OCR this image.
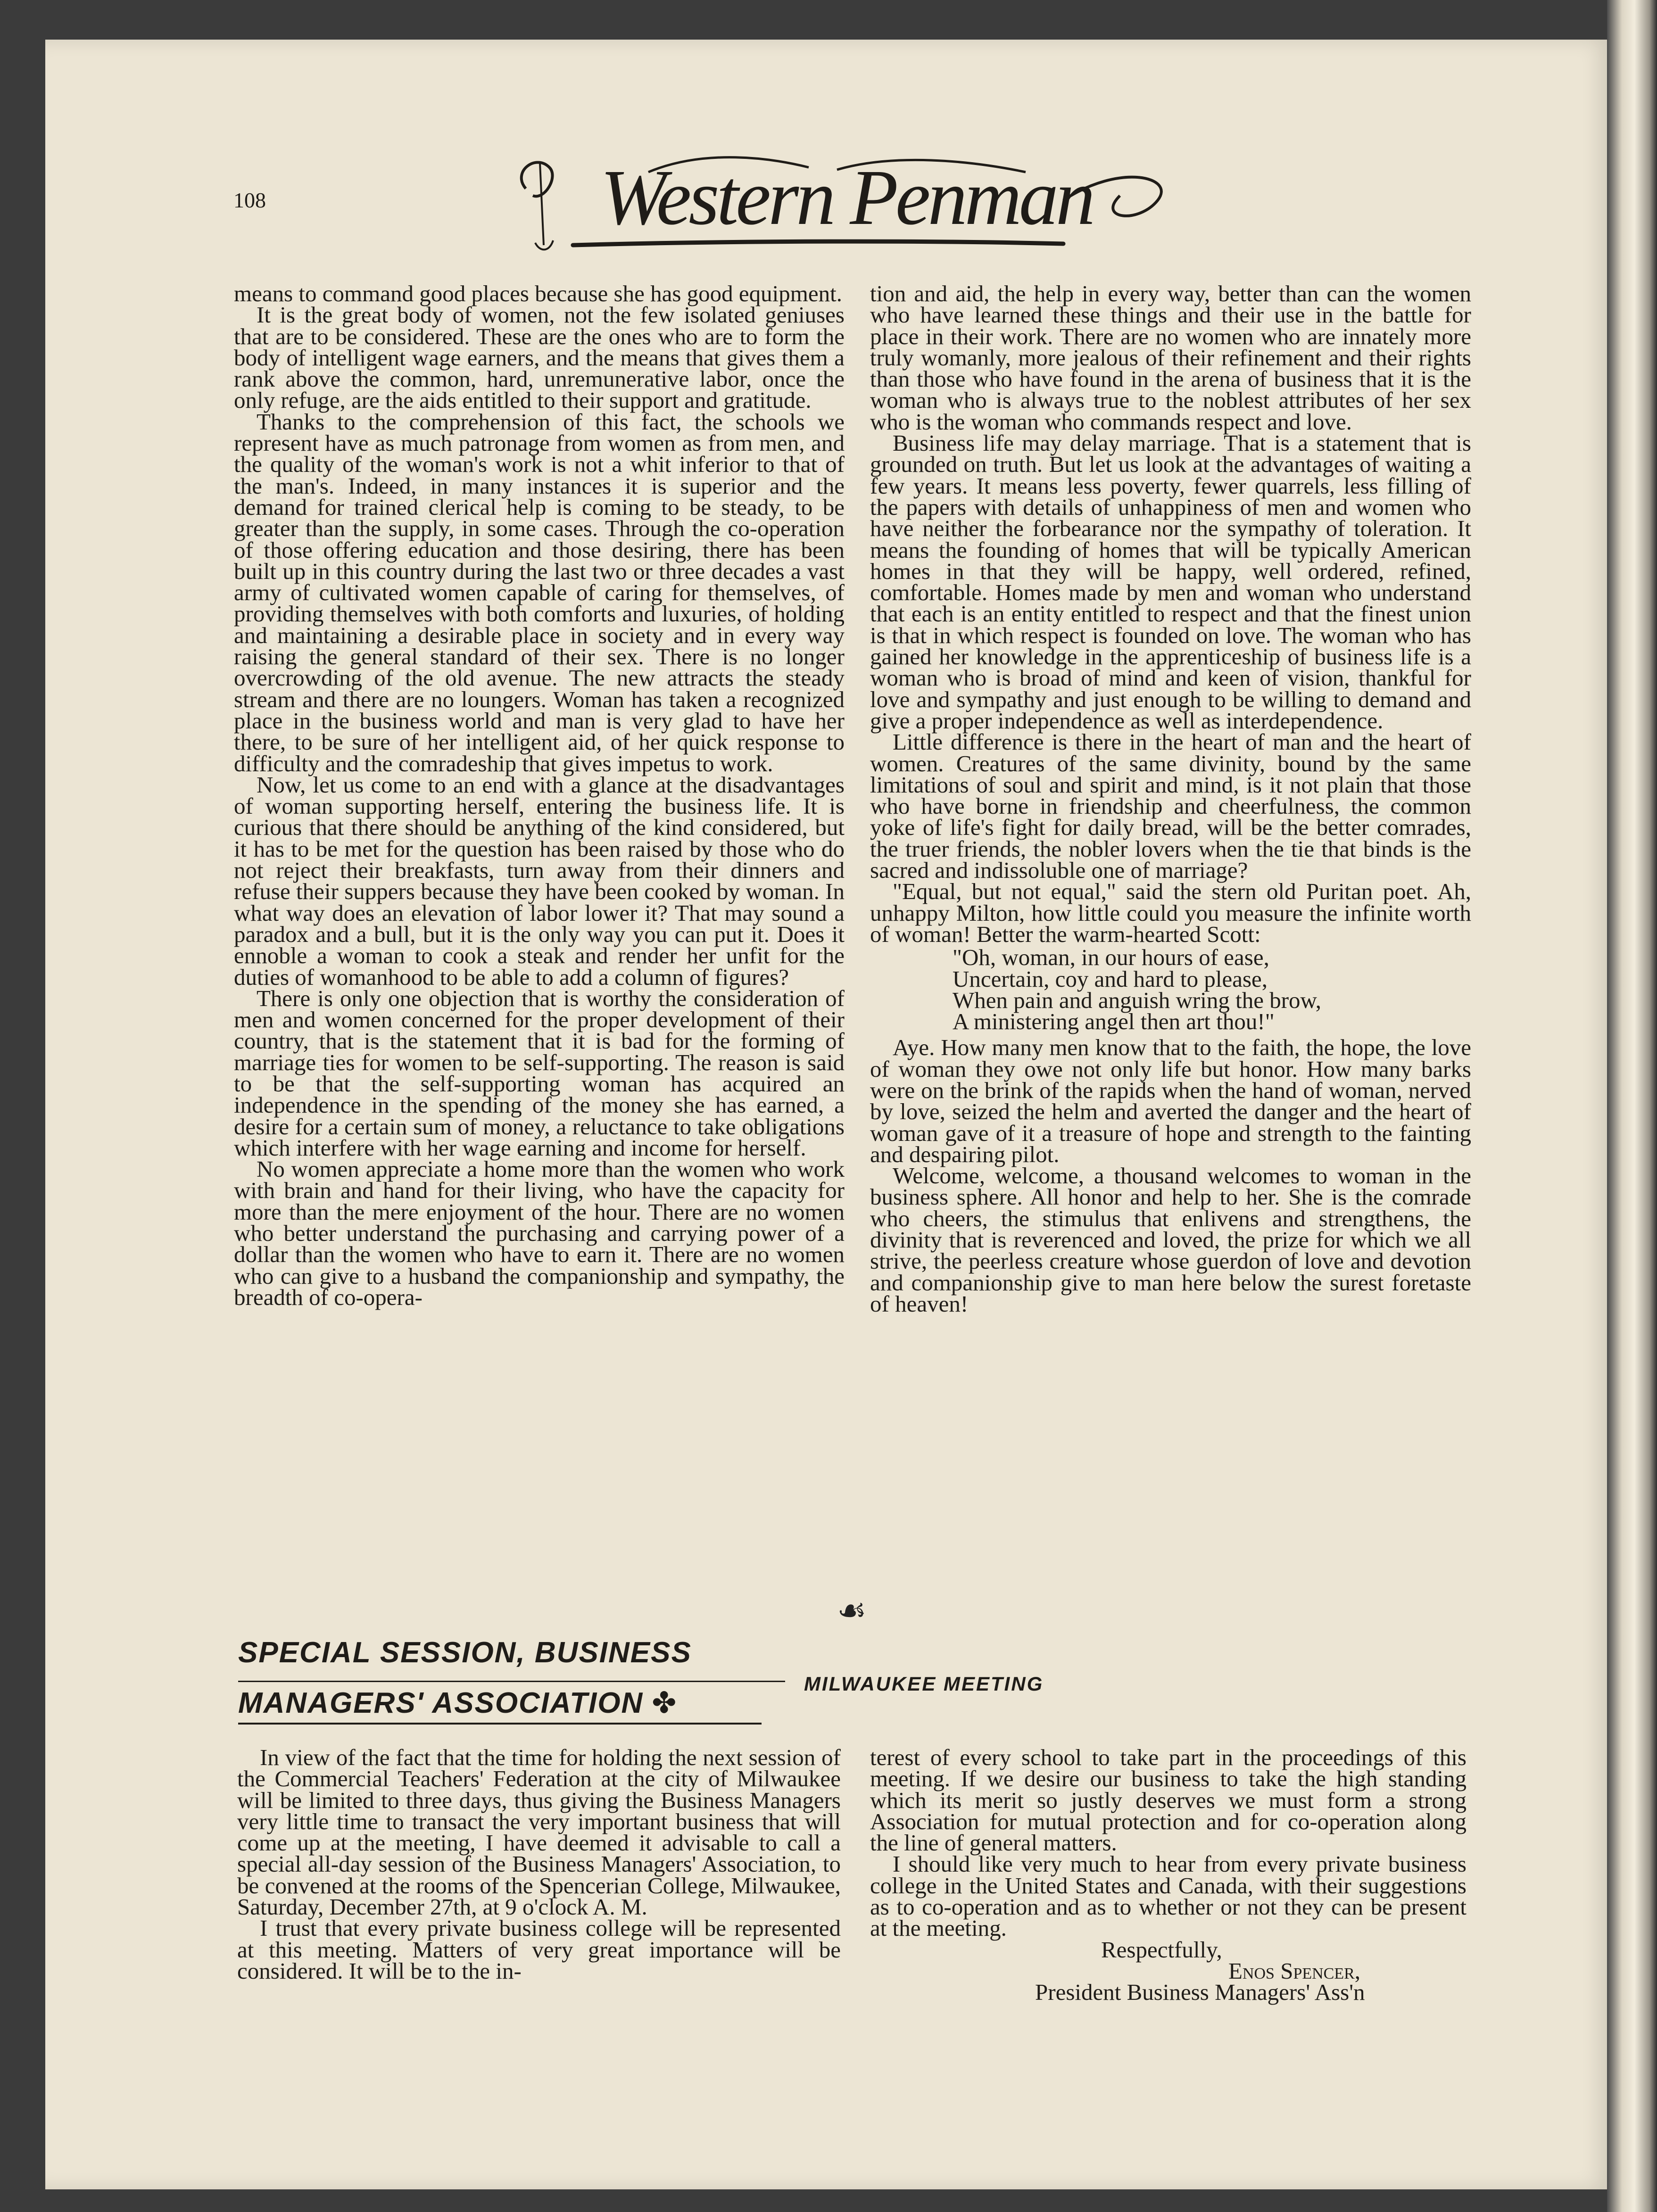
108	Western Penman

means to command good places because she has good equipment.

It is the great body of women, not the few isolated geniuses that are to be considered. These are the ones who are to form the body of intelligent wage earners, and the means that gives them a rank above the common, hard, unremunerative labor, once the only refuge, are the aids entitled to their support and gratitude.

Thanks to the comprehension of this fact, the schools we represent have as much patronage from women as from men, and the quality of the woman's work is not a whit inferior to that of the man's. Indeed, in many instances it is superior and the demand for trained clerical help is coming to be steady, to be greater than the supply, in some cases. Through the co-operation of those offering education and those desiring, there has been built up in this country during the last two or three decades a vast army of cultivated women capable of caring for themselves, of providing themselves with both comforts and luxuries, of holding and maintaining a desirable place in society and in every way raising the general standard of their sex. There is no longer overcrowding of the old avenue. The new attracts the steady stream and there are no loungers. Woman has taken a recognized place in the business world and man is very glad to have her there, to be sure of her intelligent aid, of her quick response to difficulty and the comradeship that gives impetus to work.

Now, let us come to an end with a glance at the disadvantages of woman supporting herself, entering the business life. It is curious that there should be anything of the kind considered, but it has to be met for the question has been raised by those who do not reject their breakfasts, turn away from their dinners and refuse their suppers because they have been cooked by woman. In what way does an elevation of labor lower it? That may sound a paradox and a bull, but it is the only way you can put it. Does it ennoble a woman to cook a steak and render her unfit for the duties of womanhood to be able to add a column of figures?

There is only one objection that is worthy the consideration of men and women concerned for the proper development of their country, that is the statement that it is bad for the forming of marriage ties for women to be self-supporting. The reason is said to be that the self-supporting woman has acquired an independence in the spending of the money she has earned, a desire for a certain sum of money, a reluctance to take obligations which interfere with her wage earning and income for herself.

No women appreciate a home more than the women who work with brain and hand for their living, who have the capacity for more than the mere enjoyment of the hour. There are no women who better understand the purchasing and carrying power of a dollar than the women who have to earn it. There are no women who can give to a husband the companionship and sympathy, the breadth of co-opera-

tion and aid, the help in every way, better than can the women who have learned these things and their use in the battle for place in their work. There are no women who are innately more truly womanly, more jealous of their refinement and their rights than those who have found in the arena of business that it is the woman who is always true to the noblest attributes of her sex who is the woman who commands respect and love.

Business life may delay marriage. That is a statement that is grounded on truth. But let us look at the advantages of waiting a few years. It means less poverty, fewer quarrels, less filling of the papers with details of unhappiness of men and women who have neither the forbearance nor the sympathy of toleration. It means the founding of homes that will be typically American homes in that they will be happy, well ordered, refined, comfortable. Homes made by men and woman who understand that each is an entity entitled to respect and that the finest union is that in which respect is founded on love. The woman who has gained her knowledge in the apprenticeship of business life is a woman who is broad of mind and keen of vision, thankful for love and sympathy and just enough to be willing to demand and give a proper independence as well as interdependence.

Little difference is there in the heart of man and the heart of women. Creatures of the same divinity, bound by the same limitations of soul and spirit and mind, is it not plain that those who have borne in friendship and cheerfulness, the common yoke of life's fight for daily bread, will be the better comrades, the truer friends, the nobler lovers when the tie that binds is the sacred and indissoluble one of marriage?

"Equal, but not equal," said the stern old Puritan poet. Ah, unhappy Milton, how little could you measure the infinite worth of woman! Better the warm-hearted Scott:

"Oh, woman, in our hours of ease,
Uncertain, coy and hard to please,
When pain and anguish wring the brow,
A ministering angel then art thou!"

Aye. How many men know that to the faith, the hope, the love of woman they owe not only life but honor. How many barks were on the brink of the rapids when the hand of woman, nerved by love, seized the helm and averted the danger and the heart of woman gave of it a treasure of hope and strength to the fainting and despairing pilot.

Welcome, welcome, a thousand welcomes to woman in the business sphere. All honor and help to her. She is the comrade who cheers, the stimulus that enlivens and strengthens, the divinity that is reverenced and loved, the prize for which we all strive, the peerless creature whose guerdon of love and devotion and companionship give to man here below the surest foretaste of heaven!

☙
SPECIAL SESSION, BUSINESS
MANAGERS' ASSOCIATION ✤
MILWAUKEE MEETING

In view of the fact that the time for holding the next session of the Commercial Teachers' Federation at the city of Milwaukee will be limited to three days, thus giving the Business Managers very little time to transact the very important business that will come up at the meeting, I have deemed it advisable to call a special all-day session of the Business Managers' Association, to be convened at the rooms of the Spencerian College, Milwaukee, Saturday, December 27th, at 9 o'clock A. M.

I trust that every private business college will be represented at this meeting. Matters of very great importance will be considered. It will be to the in-

terest of every school to take part in the proceedings of this meeting. If we desire our business to take the high standing which its merit so justly deserves we must form a strong Association for mutual protection and for co-operation along the line of general matters.

I should like very much to hear from every private business college in the United States and Canada, with their suggestions as to co-operation and as to whether or not they can be present at the meeting.

Respectfully,

Enos Spencer,

President Business Managers' Ass'n
